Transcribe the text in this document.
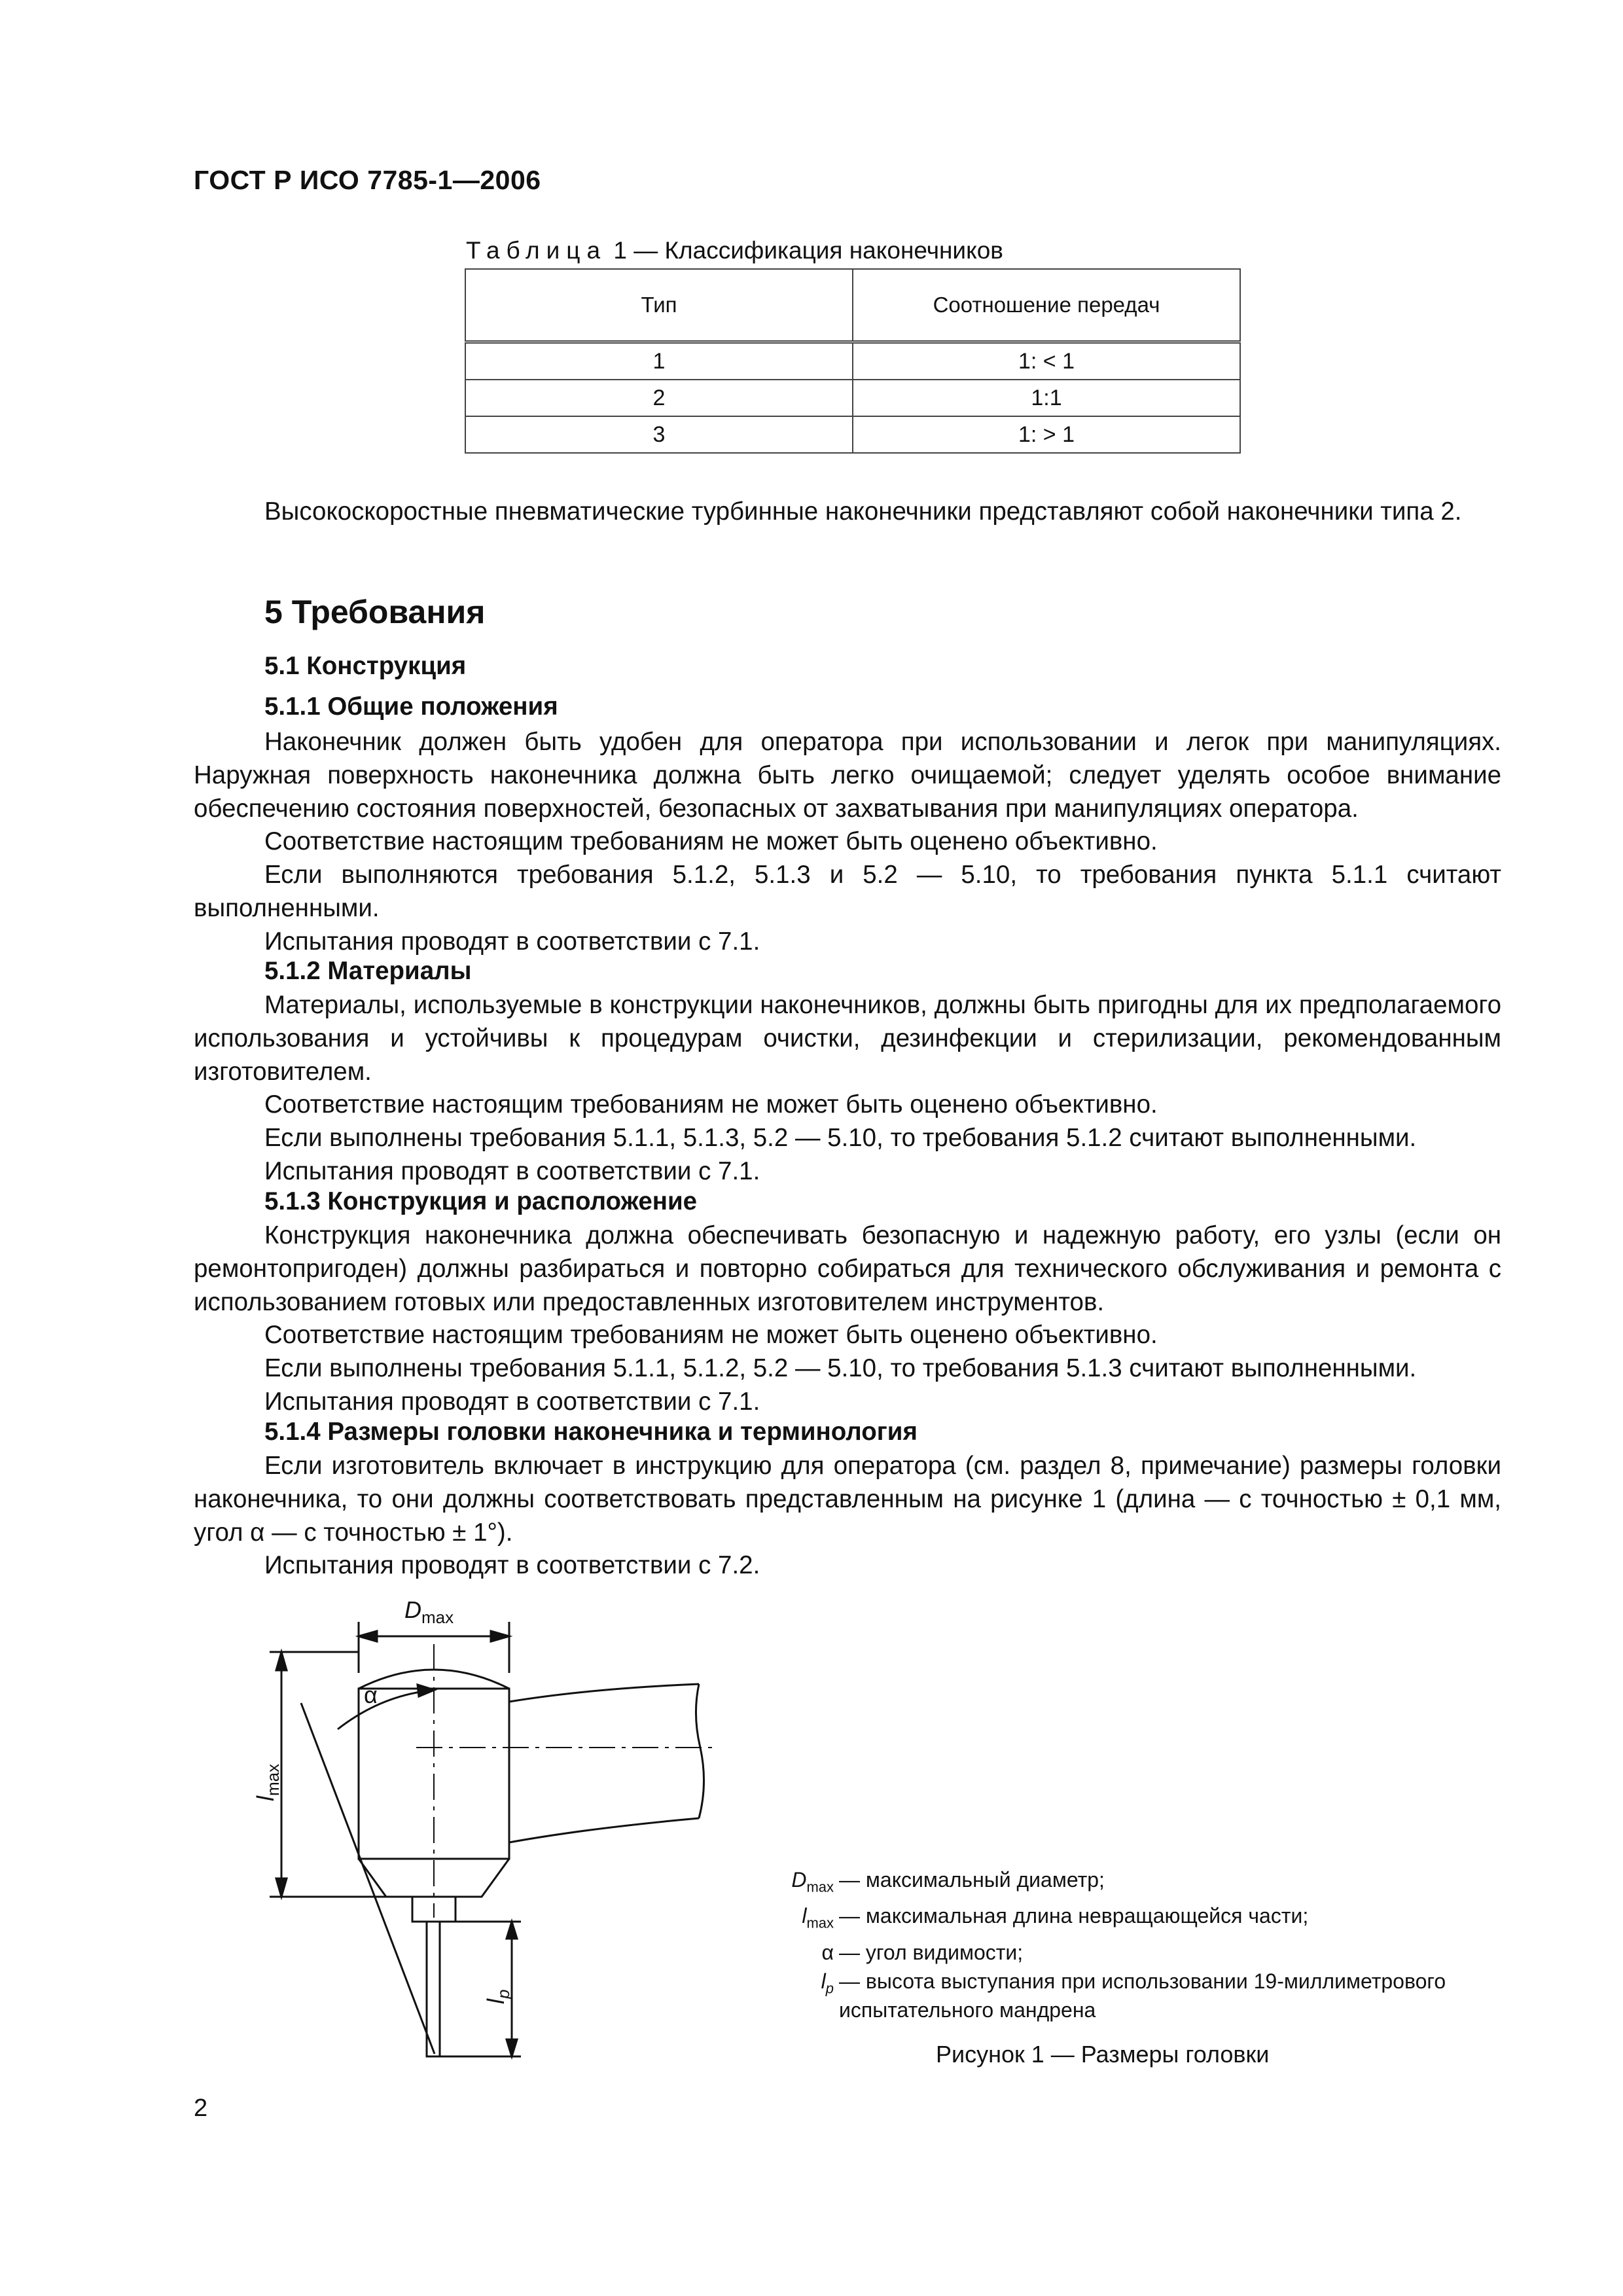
ГОСТ Р ИСО 7785-1—2006
Таблица 1 — Классификация наконечников
Тип	Соотношение передач
1	1: < 1
2	1:1
3	1: > 1
Высокоскоростные пневматические турбинные наконечники представляют собой наконечники типа 2.
5 Требования
5.1 Конструкция
5.1.1 Общие положения
Наконечник должен быть удобен для оператора при использовании и легок при манипуляциях. Наружная поверхность наконечника должна быть легко очищаемой; следует уделять особое внимание обеспечению состояния поверхностей, безопасных от захватывания при манипуляциях оператора.
Соответствие настоящим требованиям не может быть оценено объективно.
Если выполняются требования 5.1.2, 5.1.3 и 5.2 — 5.10, то требования пункта 5.1.1 считают выполненными.
Испытания проводят в соответствии с 7.1.
5.1.2 Материалы
Материалы, используемые в конструкции наконечников, должны быть пригодны для их предполагаемого использования и устойчивы к процедурам очистки, дезинфекции и стерилизации, рекомендованным изготовителем.
Соответствие настоящим требованиям не может быть оценено объективно.
Если выполнены требования 5.1.1, 5.1.3, 5.2 — 5.10, то требования 5.1.2 считают выполненными.
Испытания проводят в соответствии с 7.1.
5.1.3 Конструкция и расположение
Конструкция наконечника должна обеспечивать безопасную и надежную работу, его узлы (если он ремонтопригоден) должны разбираться и повторно собираться для технического обслуживания и ремонта с использованием готовых или предоставленных изготовителем инструментов.
Соответствие настоящим требованиям не может быть оценено объективно.
Если выполнены требования 5.1.1, 5.1.2, 5.2 — 5.10, то требования 5.1.3 считают выполненными.
Испытания проводят в соответствии с 7.1.
5.1.4 Размеры головки наконечника и терминология
Если изготовитель включает в инструкцию для оператора (см. раздел 8, примечание) размеры головки наконечника, то они должны соответствовать представленным на рисунке 1 (длина — с точностью ± 0,1 мм, угол α — с точностью ± 1°).
Испытания проводят в соответствии с 7.2.
$D_{max}$
α
$l_{max}$
$l_p$
$D_{max}$ — максимальный диаметр;
$l_{max}$ — максимальная длина невращающейся части;
α — угол видимости;
$l_p$ — высота выступания при использовании 19-миллиметрового испытательного мандрена
Рисунок 1 — Размеры головки
2
